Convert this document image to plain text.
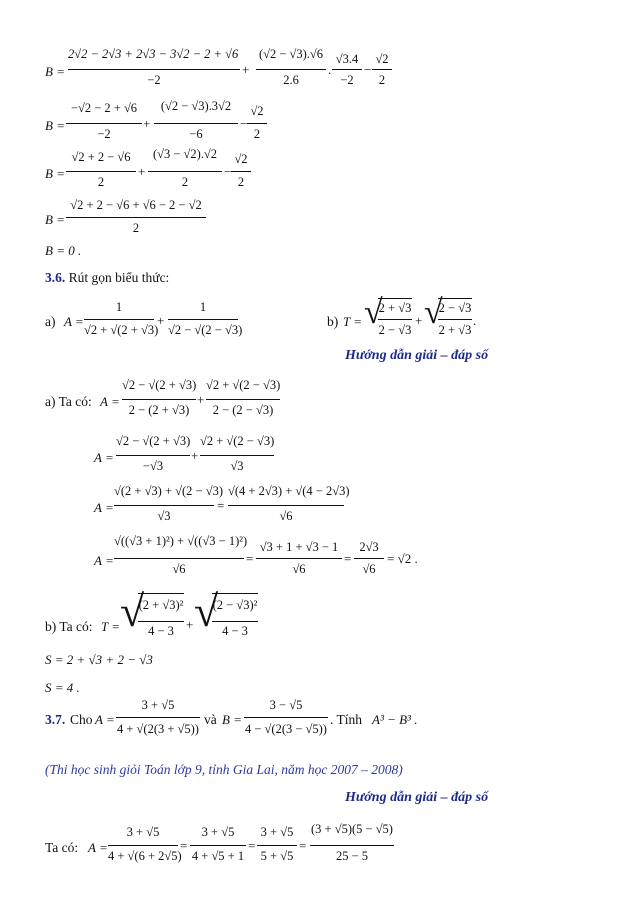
B =
2√2 − 2√3 + 2√3 − 3√2 − 2 + √6
−2
+
(√2 − √3).√6
2.6
.
√3.4
−2
−
√2
2
B =
−√2 − 2 + √6
−2
+
(√2 − √3).3√2
−6
−
√2
2
B =
√2 + 2 − √6
2
+
(√3 − √2).√2
2
−
√2
2
B =
√2 + 2 − √6 + √6 − 2 − √2
2
B = 0 .
3.6. Rút gọn biểu thức:
a) A =
1
√2 + √(2 + √3)
+
1
√2 − √(2 − √3)
b) T = √
2 + √3
2 − √3
+ √
2 − √3
2 + √3
.
Hướng dẫn giải – đáp số
a) Ta có: A =
√2 − √(2 + √3)
2 − (2 + √3)
+
√2 + √(2 − √3)
2 − (2 − √3)
A =
√2 − √(2 + √3)
−√3
+
√2 + √(2 − √3)
√3
A =
√(2 + √3) + √(2 − √3)
√3
=
√(4 + 2√3) + √(4 − 2√3)
√6
A =
√((√3 + 1)²) + √((√3 − 1)²)
√6
=
√3 + 1 + √3 − 1
√6
=
2√3
√6
= √2 .
b) Ta có: T = √
(2 + √3)²
4 − 3 + √
(2 − √3)²
4 − 3
S = 2 + √3 + 2 − √3
S = 4 .
3.7. Cho A =
3 + √5
4 + √(2(3 + √5))
và B =
3 − √5
4 − √(2(3 − √5))
. Tính A³ − B³ .
(Thi học sinh giỏi Toán lớp 9, tỉnh Gia Lai, năm học 2007 – 2008)
Hướng dẫn giải – đáp số
Ta có: A =
3 + √5
4 + √(6 + 2√5)
=
3 + √5
4 + √5 + 1
=
3 + √5
5 + √5
=
(3 + √5)(5 − √5)
25 − 5
